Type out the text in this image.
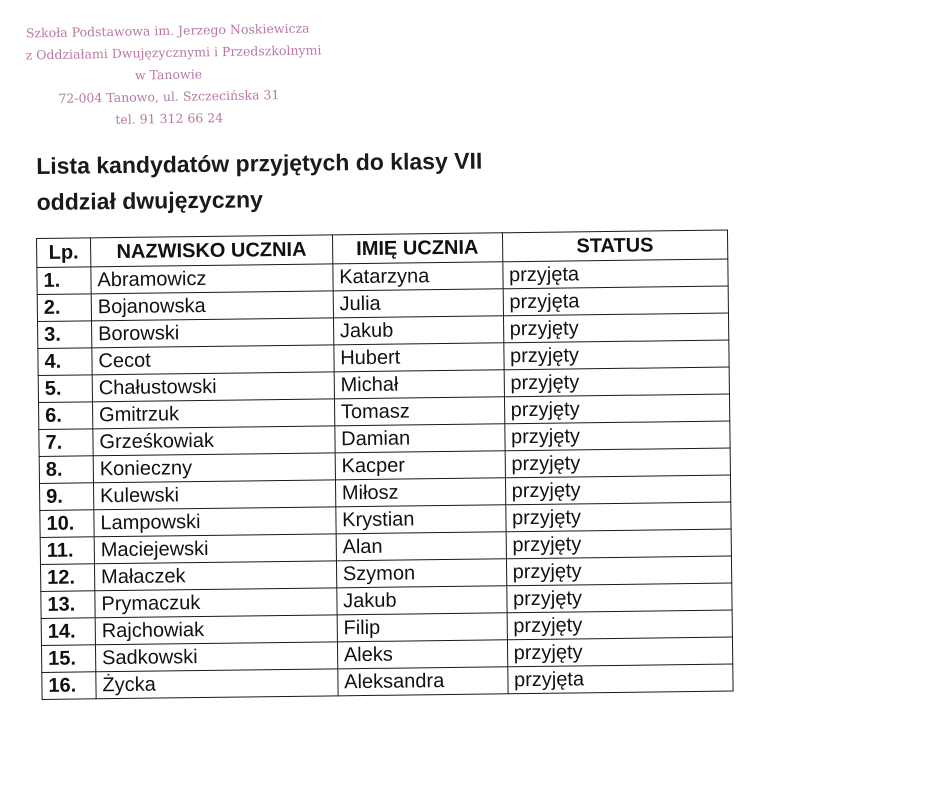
Szkoła Podstawowa im. Jerzego Noskiewicza
z Oddziałami Dwujęzycznymi i Przedszkolnymi
w Tanowie
72-004 Tanowo, ul. Szczecińska 31
tel. 91 312 66 24
Lista kandydatów przyjętych do klasy VII
oddział dwujęzyczny
Lp.	NAZWISKO UCZNIA	IMIĘ UCZNIA	STATUS
1.	Abramowicz	Katarzyna	przyjęta
2.	Bojanowska	Julia	przyjęta
3.	Borowski	Jakub	przyjęty
4.	Cecot	Hubert	przyjęty
5.	Chałustowski	Michał	przyjęty
6.	Gmitrzuk	Tomasz	przyjęty
7.	Grześkowiak	Damian	przyjęty
8.	Konieczny	Kacper	przyjęty
9.	Kulewski	Miłosz	przyjęty
10.	Lampowski	Krystian	przyjęty
11.	Maciejewski	Alan	przyjęty
12.	Małaczek	Szymon	przyjęty
13.	Prymaczuk	Jakub	przyjęty
14.	Rajchowiak	Filip	przyjęty
15.	Sadkowski	Aleks	przyjęty
16.	Życka	Aleksandra	przyjęta
